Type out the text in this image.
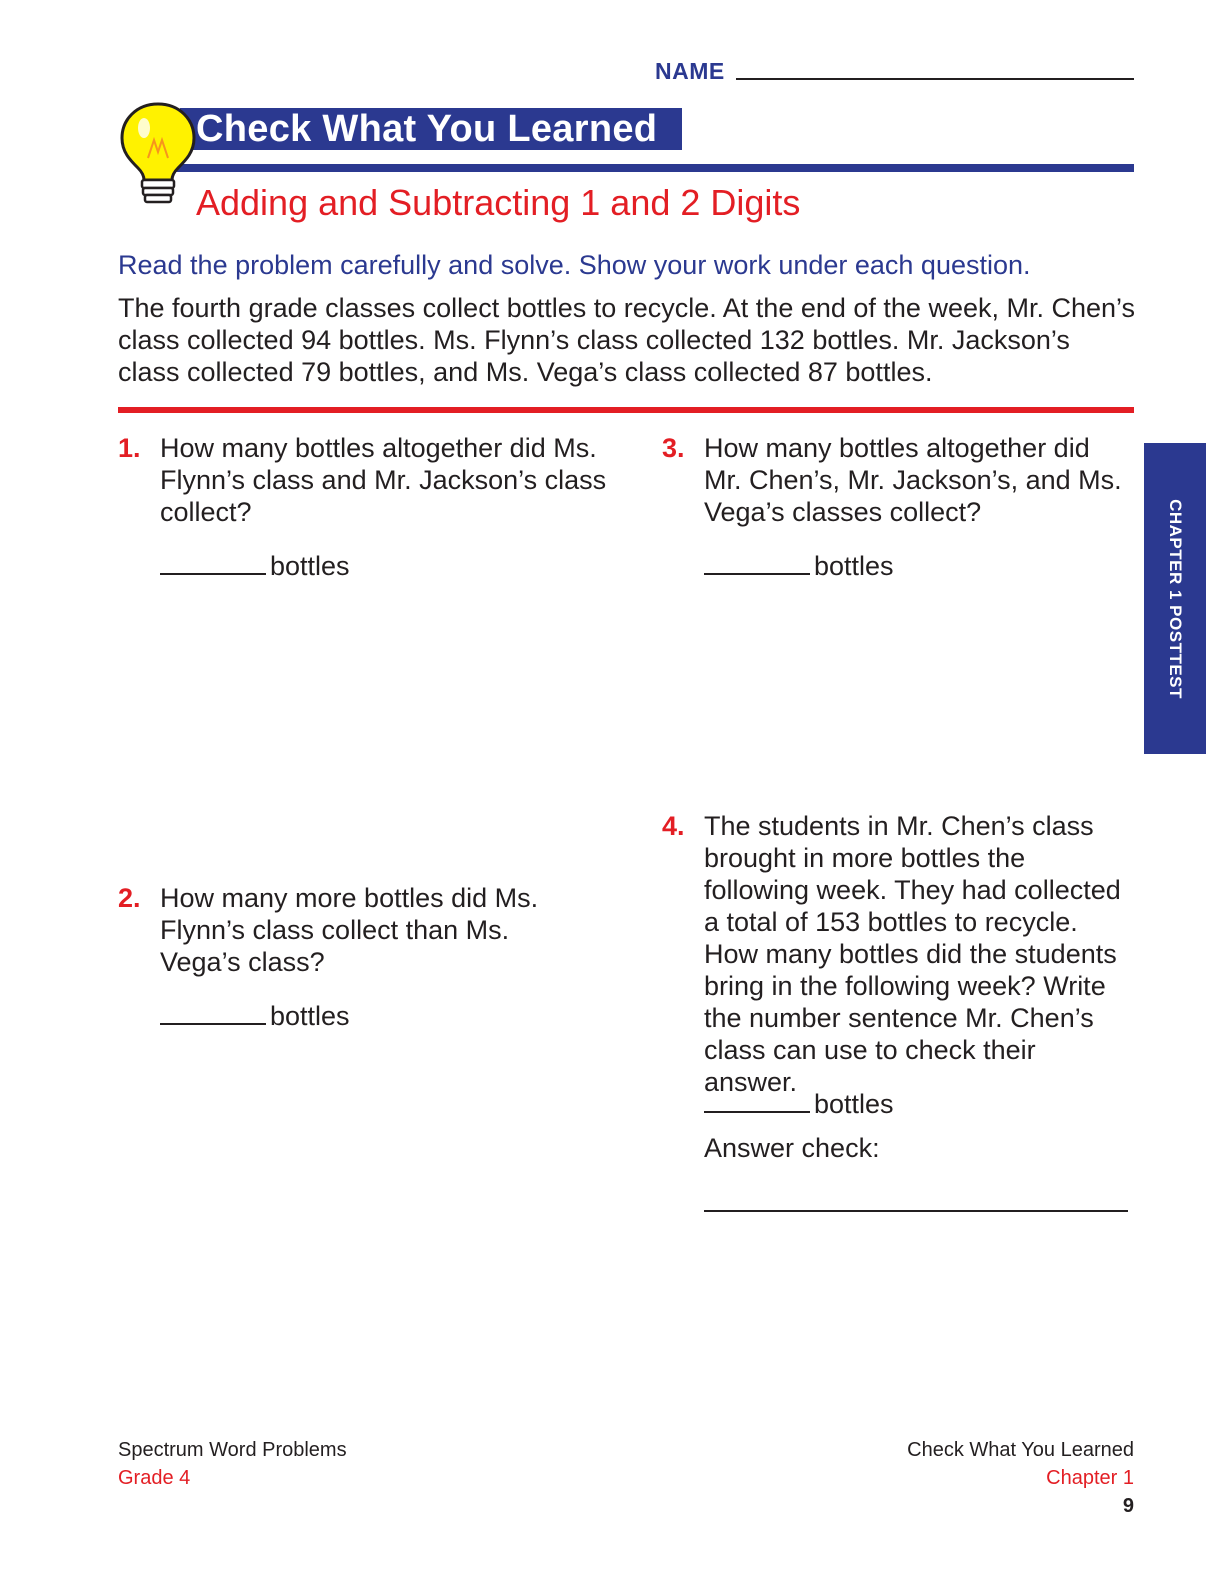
NAME
Check What You Learned
Adding and Subtracting 1 and 2 Digits
Read the problem carefully and solve. Show your work under each question.
The fourth grade classes collect bottles to recycle. At the end of the week, Mr. Chen’s class collected 94 bottles. Ms. Flynn’s class collected 132 bottles. Mr. Jackson’s class collected 79 bottles, and Ms. Vega’s class collected 87 bottles.
CHAPTER 1 POSTTEST
1. How many bottles altogether did Ms. Flynn’s class and Mr. Jackson’s class collect?
bottles
2. How many more bottles did Ms. Flynn’s class collect than Ms. Vega’s class?
bottles
3. How many bottles altogether did Mr. Chen’s, Mr. Jackson’s, and Ms. Vega’s classes collect?
bottles
4. The students in Mr. Chen’s class brought in more bottles the following week. They had collected a total of 153 bottles to recycle. How many bottles did the students bring in the following week? Write the number sentence Mr. Chen’s class can use to check their answer.
bottles
Answer check:
Spectrum Word Problems
Grade 4
Check What You Learned
Chapter 1
9
